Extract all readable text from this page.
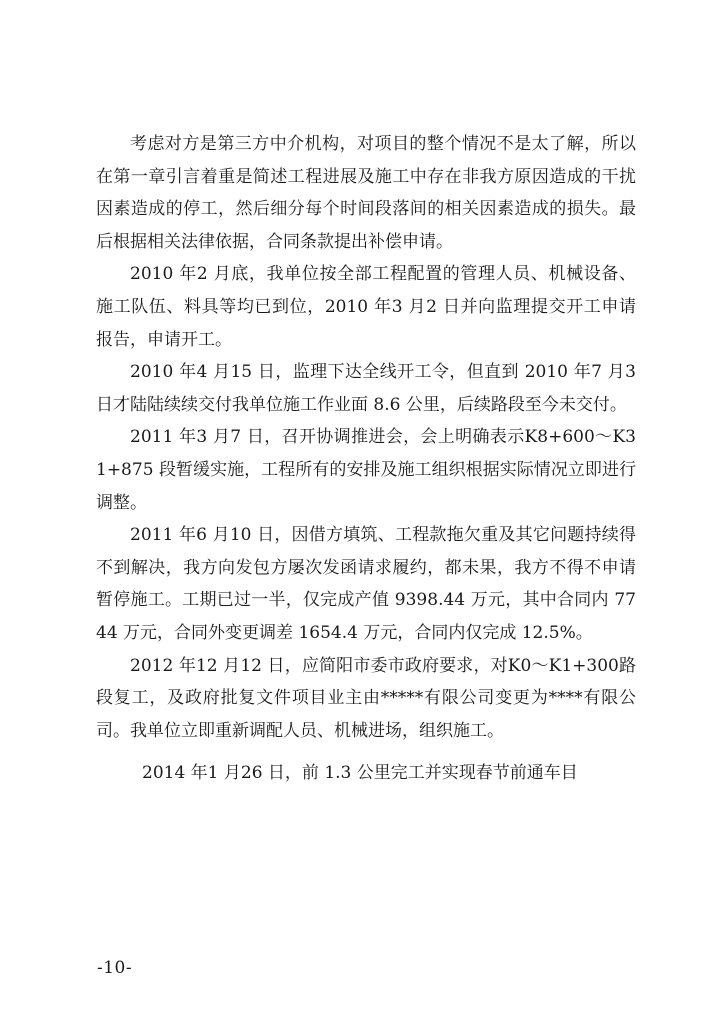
考虑对方是第三方中介机构，对项目的整个情况不是太了解，所以在第一章引言着重是简述工程进展及施工中存在非我方原因造成的干扰因素造成的停工，然后细分每个时间段落间的相关因素造成的损失。最后根据相关法律依据，合同条款提出补偿申请。

2010 年2 月底，我单位按全部工程配置的管理人员、机械设备、施工队伍、料具等均已到位，2010 年3 月2 日并向监理提交开工申请报告，申请开工。

2010 年4 月15 日，监理下达全线开工令，但直到 2010 年7 月3 日才陆陆续续交付我单位施工作业面 8.6 公里，后续路段至今未交付。

2011 年3 月7 日，召开协调推进会，会上明确表示K8+600～K31+875 段暂缓实施，工程所有的安排及施工组织根据实际情况立即进行调整。

2011 年6 月10 日，因借方填筑、工程款拖欠重及其它问题持续得不到解决，我方向发包方屡次发函请求履约，都未果，我方不得不申请暂停施工。工期已过一半，仅完成产值 9398.44 万元，其中合同内 7744 万元，合同外变更调差 1654.4 万元，合同内仅完成 12.5%。

2012 年12 月12 日，应简阳市委市政府要求，对K0～K1+300路段复工，及政府批复文件项目业主由*****有限公司变更为****有限公司。我单位立即重新调配人员、机械进场，组织施工。

2014 年1 月26 日，前 1.3 公里完工并实现春节前通车目

-10-
